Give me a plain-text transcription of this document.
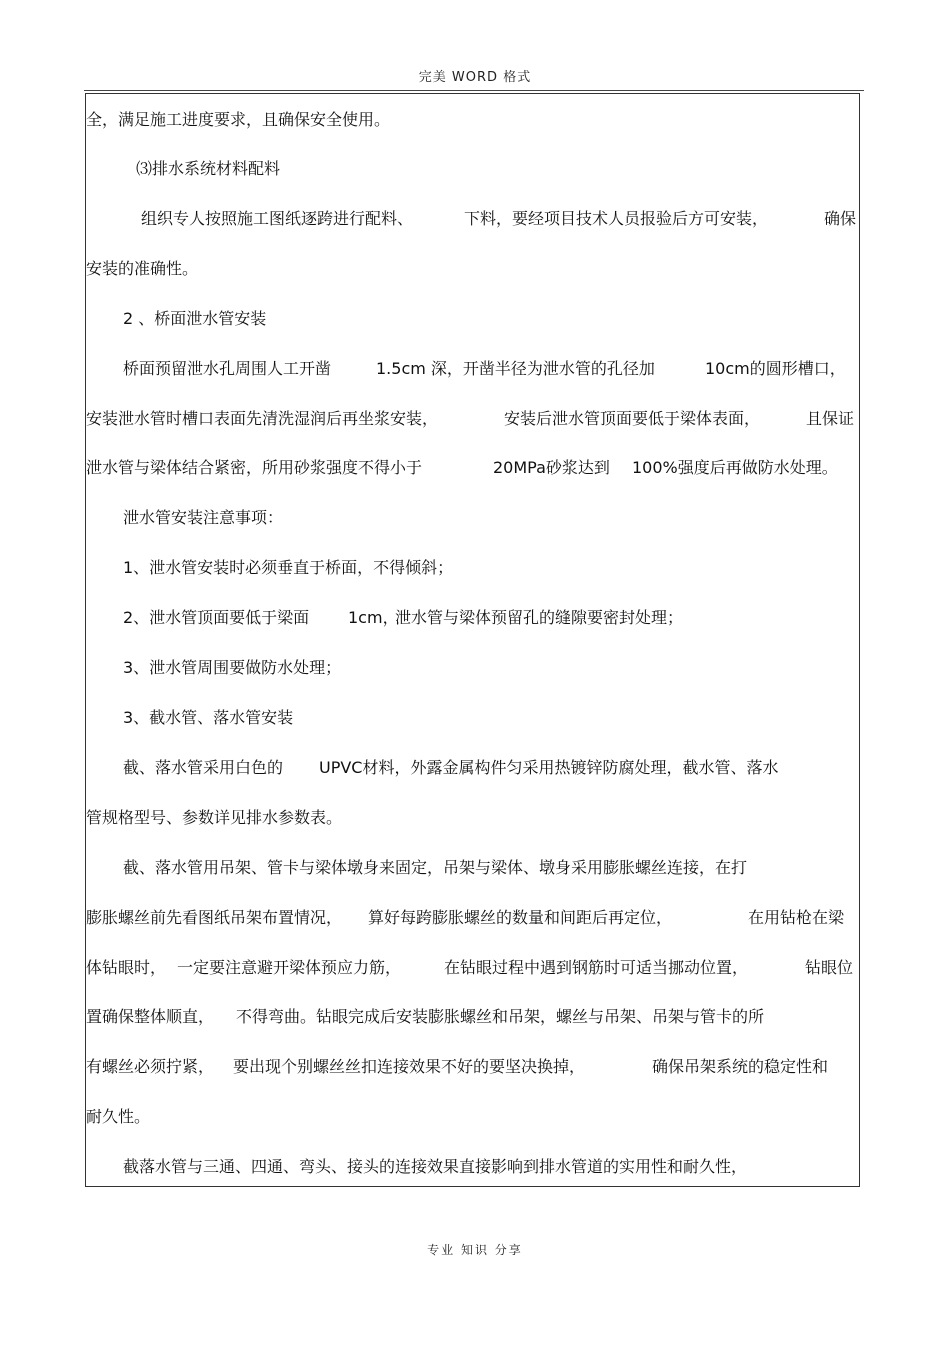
完美 WORD 格式
全，满足施工进度要求，且确保安全使用。
⑶排水系统材料配料
组织专人按照施工图纸逐跨进行配料、	下料，要经项目技术人员报验后方可安装，	确保
安装的准确性。
2 、桥面泄水管安装
桥面预留泄水孔周围人工开凿	1.5cm 深，开凿半径为泄水管的孔径加	10cm的圆形槽口，
安装泄水管时槽口表面先清洗湿润后再坐浆安装，	安装后泄水管顶面要低于梁体表面，	且保证
泄水管与梁体结合紧密，所用砂浆强度不得小于	20MPa砂浆达到 100%强度后再做防水处理。
泄水管安装注意事项：
1、泄水管安装时必须垂直于桥面，不得倾斜；
2、泄水管顶面要低于梁面 1cm，
泄水管与梁体预留孔的缝隙要密封处理；
3、泄水管周围要做防水处理；
3、截水管、落水管安装
截、落水管采用白色的 UPVC材料，外露金属构件匀采用热镀锌防腐处理，截水管、落水
管规格型号、参数详见排水参数表。
截、落水管用吊架、管卡与梁体墩身来固定，吊架与梁体、墩身采用膨胀螺丝连接，在打
膨胀螺丝前先看图纸吊架布置情况， 算好每跨膨胀螺丝的数量和间距后再定位，	在用钻枪在梁
体钻眼时， 一定要注意避开梁体预应力筋，	在钻眼过程中遇到钢筋时可适当挪动位置，	钻眼位
置确保整体顺直， 不得弯曲。钻眼完成后安装膨胀螺丝和吊架，螺丝与吊架、吊架与管卡的所
有螺丝必须拧紧， 要出现个别螺丝丝扣连接效果不好的要坚决换掉，	确保吊架系统的稳定性和
耐久性。
截落水管与三通、四通、弯头、接头的连接效果直接影响到排水管道的实用性和耐久性，
专业 知识 分享
